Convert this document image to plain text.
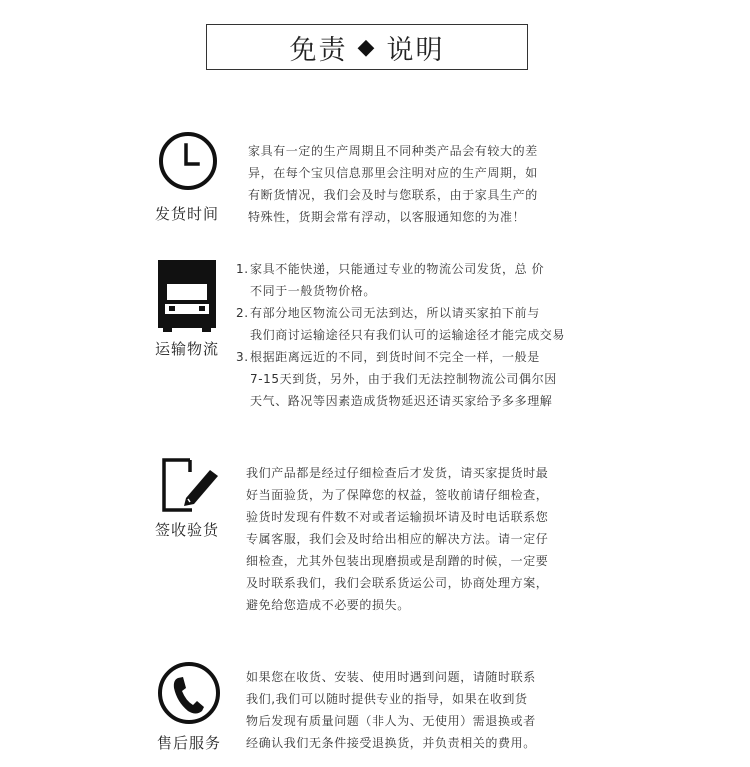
免责 ◆ 说明
发货时间

家具有一定的生产周期且不同种类产品会有较大的差

异，在每个宝贝信息那里会注明对应的生产周期，如

有断货情况，我们会及时与您联系，由于家具生产的

特殊性，货期会常有浮动，以客服通知您的为准！

运输物流
1. 家具不能快递，只能通过专业的物流公司发货，总 价

不同于一般货物价格。

2. 有部分地区物流公司无法到达，所以请买家拍下前与

我们商讨运输途径只有我们认可的运输途径才能完成交易

3. 根据距离远近的不同，到货时间不完全一样，一般是

7-15天到货，另外，由于我们无法控制物流公司偶尔因

天气、路况等因素造成货物延迟还请买家给予多多理解

签收验货

我们产品都是经过仔细检查后才发货，请买家提货时最

好当面验货，为了保障您的权益，签收前请仔细检查，

验货时发现有件数不对或者运输损坏请及时电话联系您

专属客服，我们会及时给出相应的解决方法。请一定仔

细检查，尤其外包装出现磨损或是刮蹭的时候，一定要

及时联系我们，我们会联系货运公司，协商处理方案，

避免给您造成不必要的损失。

售后服务

如果您在收货、安装、使用时遇到问题，请随时联系

我们,我们可以随时提供专业的指导，如果在收到货

物后发现有质量问题（非人为、无使用）需退换或者

经确认我们无条件接受退换货，并负责相关的费用。
